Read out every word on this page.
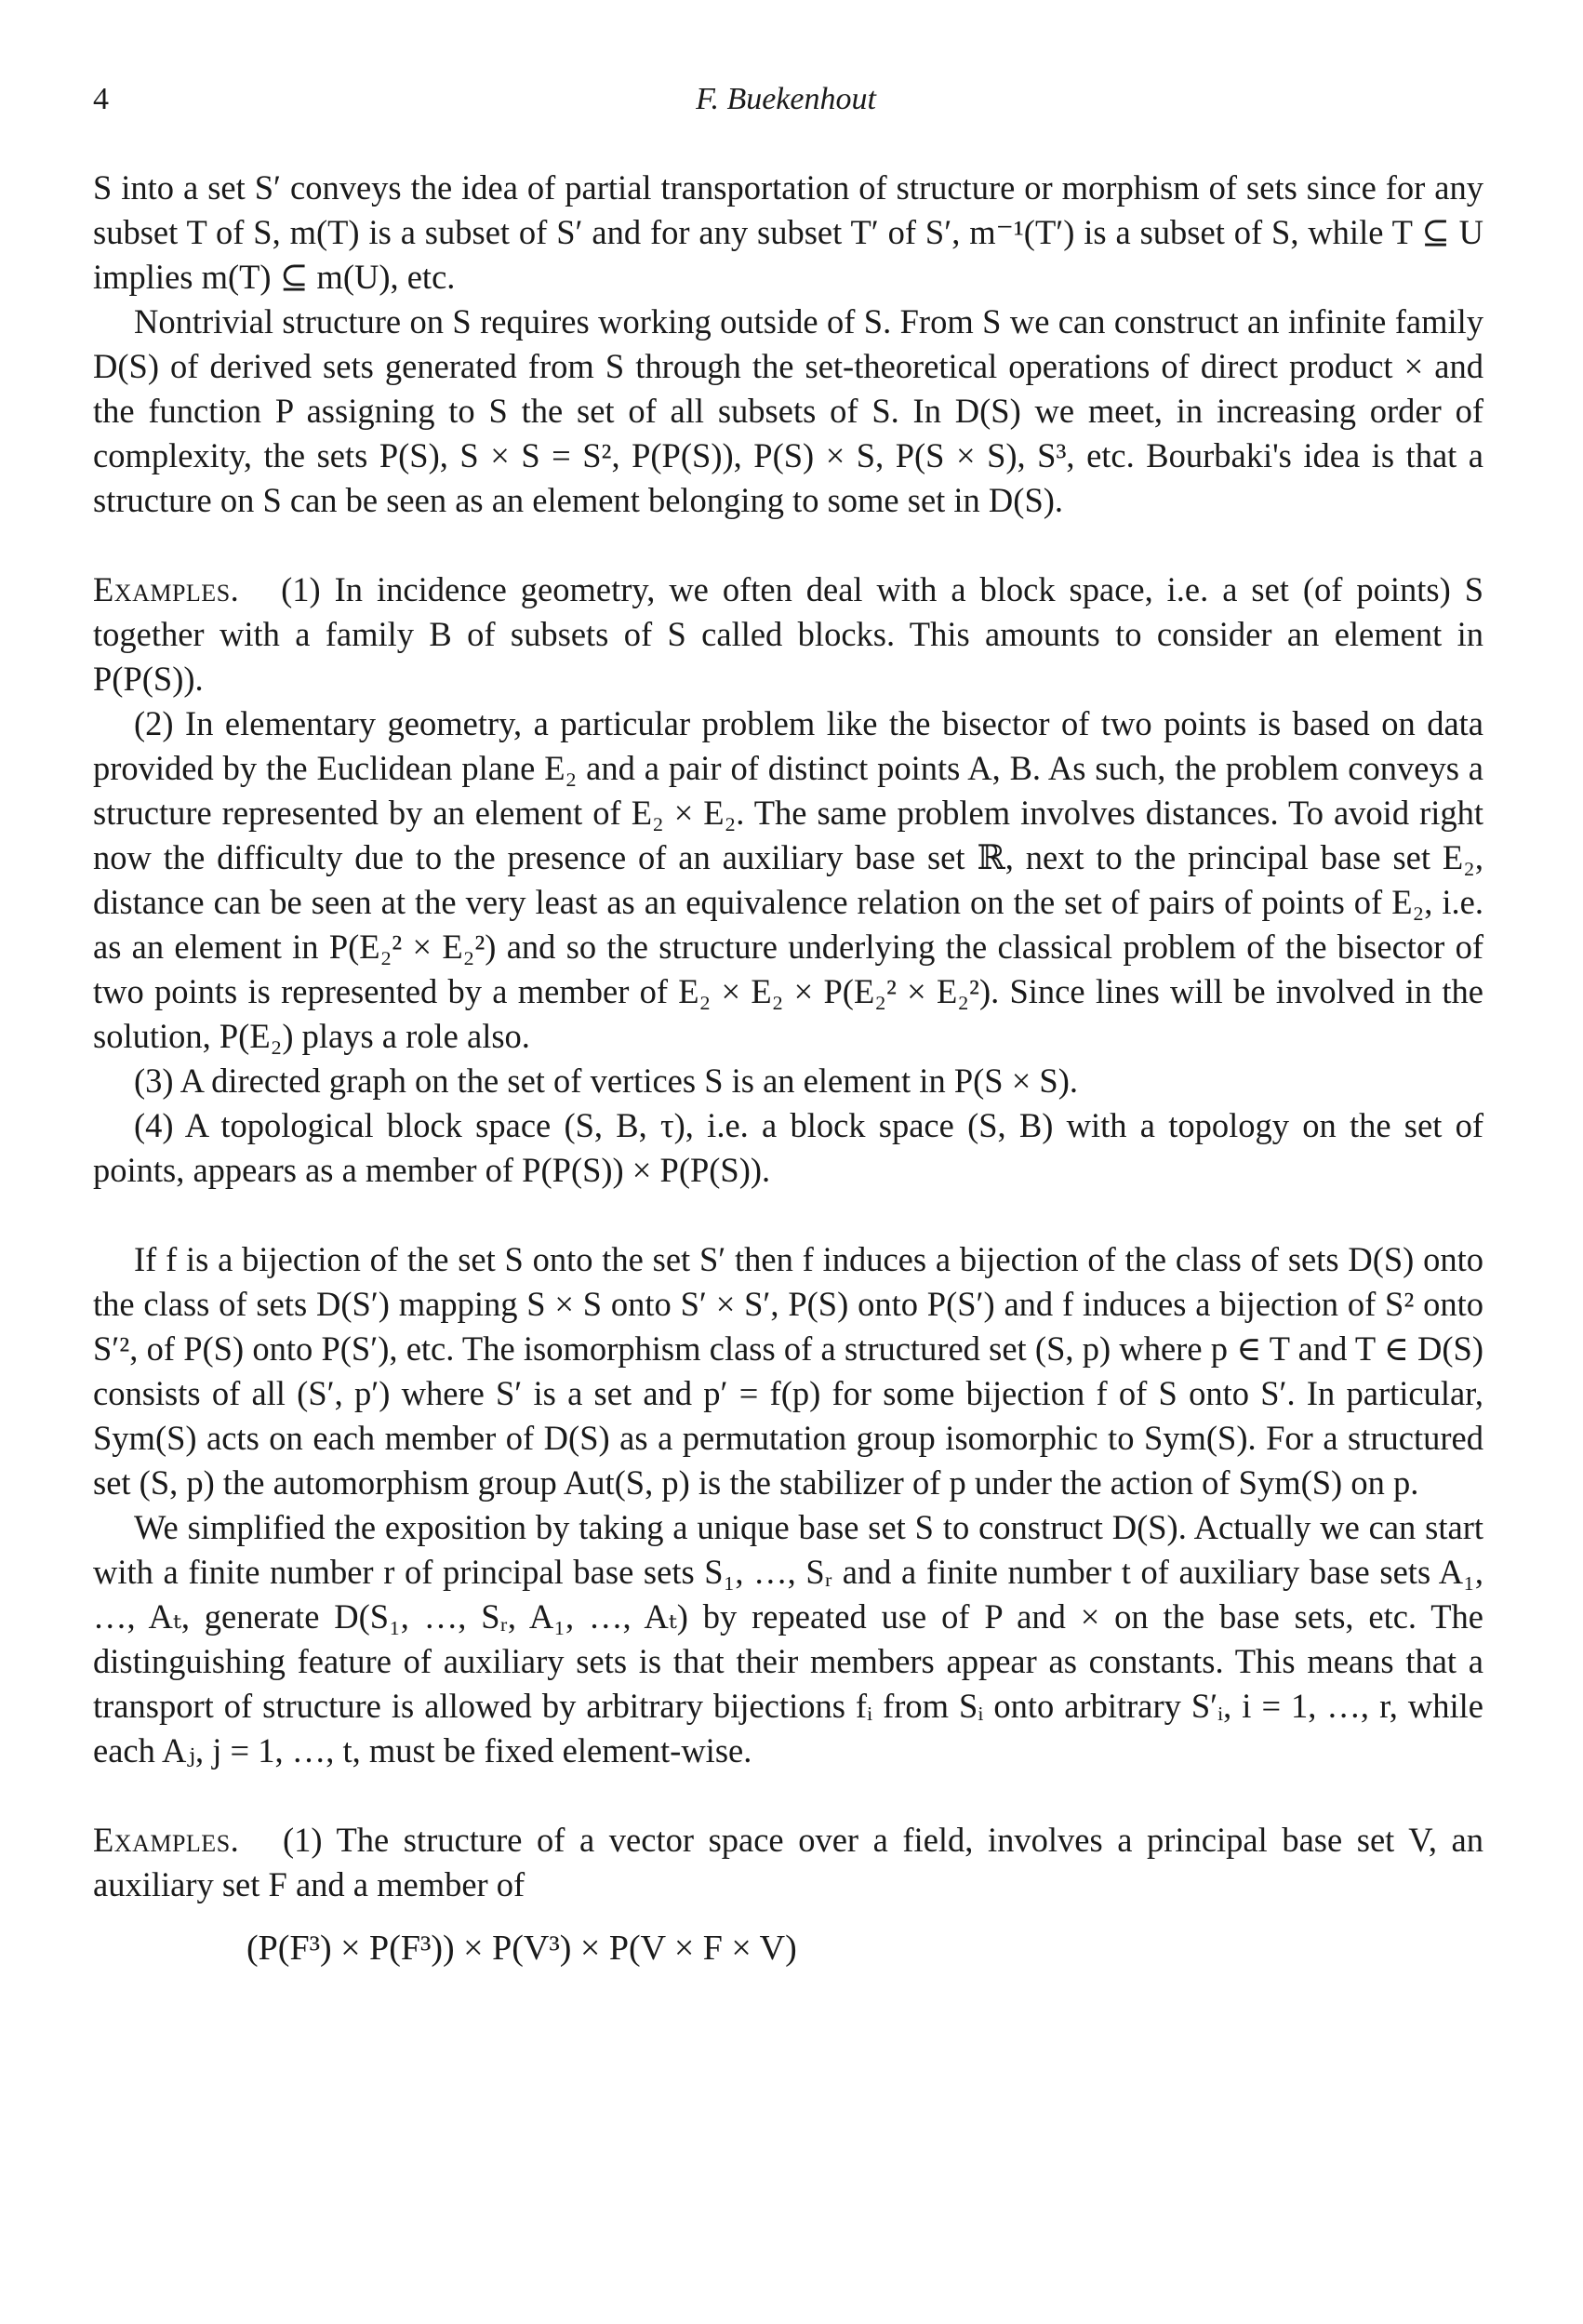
4	F. Buekenhout

S into a set S′ conveys the idea of partial transportation of structure or morphism of sets since for any subset T of S, m(T) is a subset of S′ and for any subset T′ of S′, m⁻¹(T′) is a subset of S, while T ⊆ U implies m(T) ⊆ m(U), etc.

Nontrivial structure on S requires working outside of S. From S we can construct an infinite family D(S) of derived sets generated from S through the set-theoretical operations of direct product × and the function P assigning to S the set of all subsets of S. In D(S) we meet, in increasing order of complexity, the sets P(S), S × S = S², P(P(S)), P(S) × S, P(S × S), S³, etc. Bourbaki's idea is that a structure on S can be seen as an element belonging to some set in D(S).

Examples. (1) In incidence geometry, we often deal with a block space, i.e. a set (of points) S together with a family B of subsets of S called blocks. This amounts to consider an element in P(P(S)).

(2) In elementary geometry, a particular problem like the bisector of two points is based on data provided by the Euclidean plane E₂ and a pair of distinct points A, B. As such, the problem conveys a structure represented by an element of E₂ × E₂. The same problem involves distances. To avoid right now the difficulty due to the presence of an auxiliary base set ℝ, next to the principal base set E₂, distance can be seen at the very least as an equivalence relation on the set of pairs of points of E₂, i.e. as an element in P(E₂² × E₂²) and so the structure underlying the classical problem of the bisector of two points is represented by a member of E₂ × E₂ × P(E₂² × E₂²). Since lines will be involved in the solution, P(E₂) plays a role also.

(3) A directed graph on the set of vertices S is an element in P(S × S).

(4) A topological block space (S, B, τ), i.e. a block space (S, B) with a topology on the set of points, appears as a member of P(P(S)) × P(P(S)).

If f is a bijection of the set S onto the set S′ then f induces a bijection of the class of sets D(S) onto the class of sets D(S′) mapping S × S onto S′ × S′, P(S) onto P(S′) and f induces a bijection of S² onto S′², of P(S) onto P(S′), etc. The isomorphism class of a structured set (S, p) where p ∈ T and T ∈ D(S) consists of all (S′, p′) where S′ is a set and p′ = f(p) for some bijection f of S onto S′. In particular, Sym(S) acts on each member of D(S) as a permutation group isomorphic to Sym(S). For a structured set (S, p) the automorphism group Aut(S, p) is the stabilizer of p under the action of Sym(S) on p.

We simplified the exposition by taking a unique base set S to construct D(S). Actually we can start with a finite number r of principal base sets S₁, …, Sᵣ and a finite number t of auxiliary base sets A₁, …, Aₜ, generate D(S₁, …, Sᵣ, A₁, …, Aₜ) by repeated use of P and × on the base sets, etc. The distinguishing feature of auxiliary sets is that their members appear as constants. This means that a transport of structure is allowed by arbitrary bijections fᵢ from Sᵢ onto arbitrary S′ᵢ, i = 1, …, r, while each Aⱼ, j = 1, …, t, must be fixed element-wise.

Examples. (1) The structure of a vector space over a field, involves a principal base set V, an auxiliary set F and a member of

(P(F³) × P(F³)) × P(V³) × P(V × F × V)
